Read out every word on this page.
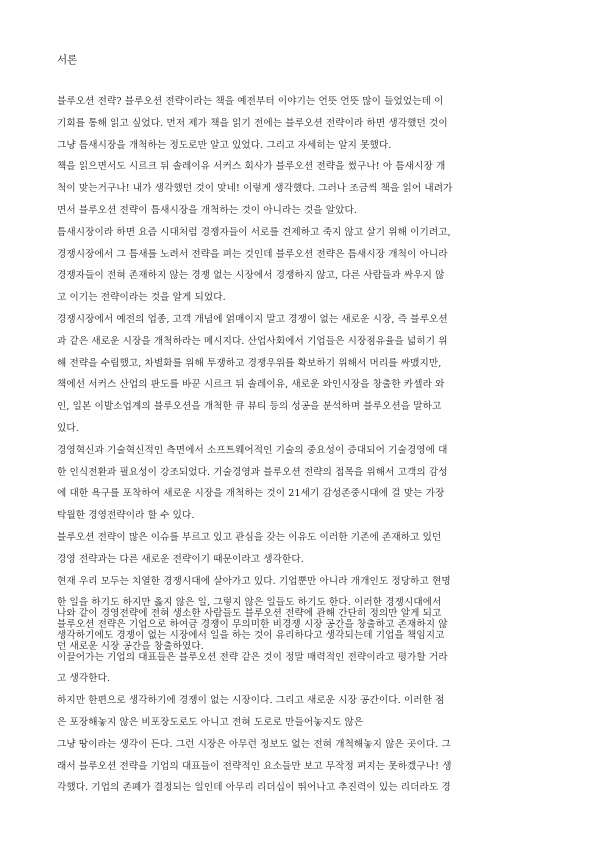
서론
블루오션 전략? 블루오션 전략이라는 책을 예전부터 이야기는 언뜻 언뜻 많이 들었었는데 이
기회를 통해 읽고 싶었다. 먼저 제가 책을 읽기 전에는 블루오션 전략이라 하면 생각했던 것이
그냥 틈새시장을 개척하는 정도로만 알고 있었다. 그리고 자세히는 알지 못했다.
책을 읽으면서도 시르크 뒤 솔레이유 서커스 회사가 블루오션 전략을 썼구나! 아 틈새시장 개
척이 맞는거구나! 내가 생각했던 것이 맞네! 이렇게 생각했다. 그러나 조금씩 책을 읽어 내려가
면서 블루오션 전략이 틈새시장을 개척하는 것이 아니라는 것을 알았다.
틈새시장이라 하면 요즘 시대처럼 경쟁자들이 서로를 견제하고 죽지 않고 살기 위해 이기려고,
경쟁시장에서 그 틈새를 노려서 전략을 펴는 것인데 블루오션 전략은 틈새시장 개척이 아니라
경쟁자들이 전혀 존재하지 않는 경쟁 없는 시장에서 경쟁하지 않고, 다른 사람들과 싸우지 않
고 이기는 전략이라는 것을 알게 되었다.
경쟁시장에서 예전의 업종, 고객 개념에 얽매이지 말고 경쟁이 없는 새로운 시장, 즉 블루오션
과 같은 새로운 시장을 개척하라는 메시지다. 산업사회에서 기업들은 시장점유율을 넓히기 위
해 전략을 수립했고, 차별화를 위해 투쟁하고 경쟁우위를 확보하기 위해서 머리를 싸맸지만,
책에선 서커스 산업의 판도를 바꾼 시르크 뒤 솔레이유, 새로운 와인시장을 창출한 카셀라 와
인, 일본 이발소업계의 블루오션을 개척한 큐 뷰티 등의 성공을 분석하며 블루오션을 말하고
있다.
경영혁신과 기술혁신적인 측면에서 소프트웨어적인 기술의 중요성이 증대되어 기술경영에 대
한 인식전환과 필요성이 강조되었다. 기술경영과 블루오션 전략의 접목을 위해서 고객의 감성
에 대한 욕구를 포착하여 새로운 시장을 개척하는 것이 21세기 감성존중시대에 걸 맞는 가장
탁월한 경영전략이라 할 수 있다.
블루오션 전략이 많은 이슈를 부르고 있고 관심을 갖는 이유도 이러한 기존에 존재하고 있던
경영 전략과는 다른 새로운 전략이기 때문이라고 생각한다.
현재 우리 모두는 치열한 경쟁시대에 살아가고 있다. 기업뿐만 아니라 개개인도 정당하고 현명
한 일을 하기도 하지만 옳지 않은 일, 그렇지 않은 일들도 하기도 한다. 이러한 경쟁시대에서
블루오션 전략은 기업으로 하여금 경쟁이 무의미한 비경쟁 시장 공간을 창출하고 존재하지 않
던 새로운 시장 공간을 창출하였다.
나와 같이 경영전략에 전혀 생소한 사람들도 블루오션 전략에 관해 간단히 정의만 알게 되고
생각하기에도 경쟁이 없는 시장에서 일을 하는 것이 유리하다고 생각되는데 기업을 책임지고
이끌어가는 기업의 대표들은 블루오션 전략 같은 것이 정말 매력적인 전략이라고 평가할 거라
고 생각한다.
하지만 한편으로 생각하기에 경쟁이 없는 시장이다. 그리고 새로운 시장 공간이다. 이러한 점
은 포장해놓지 않은 비포장도로도 아니고 전혀 도로로 만들어놓지도 않은
그냥 땅이라는 생각이 든다. 그런 시장은 아무런 정보도 없는 전혀 개척해놓지 않은 곳이다. 그
래서 블루오션 전략을 기업의 대표들이 전략적인 요소들만 보고 무작정 펴지는 못하겠구나! 생
각했다. 기업의 존폐가 결정되는 일인데 아무리 리더십이 뛰어나고 추진력이 있는 리더라도 경
